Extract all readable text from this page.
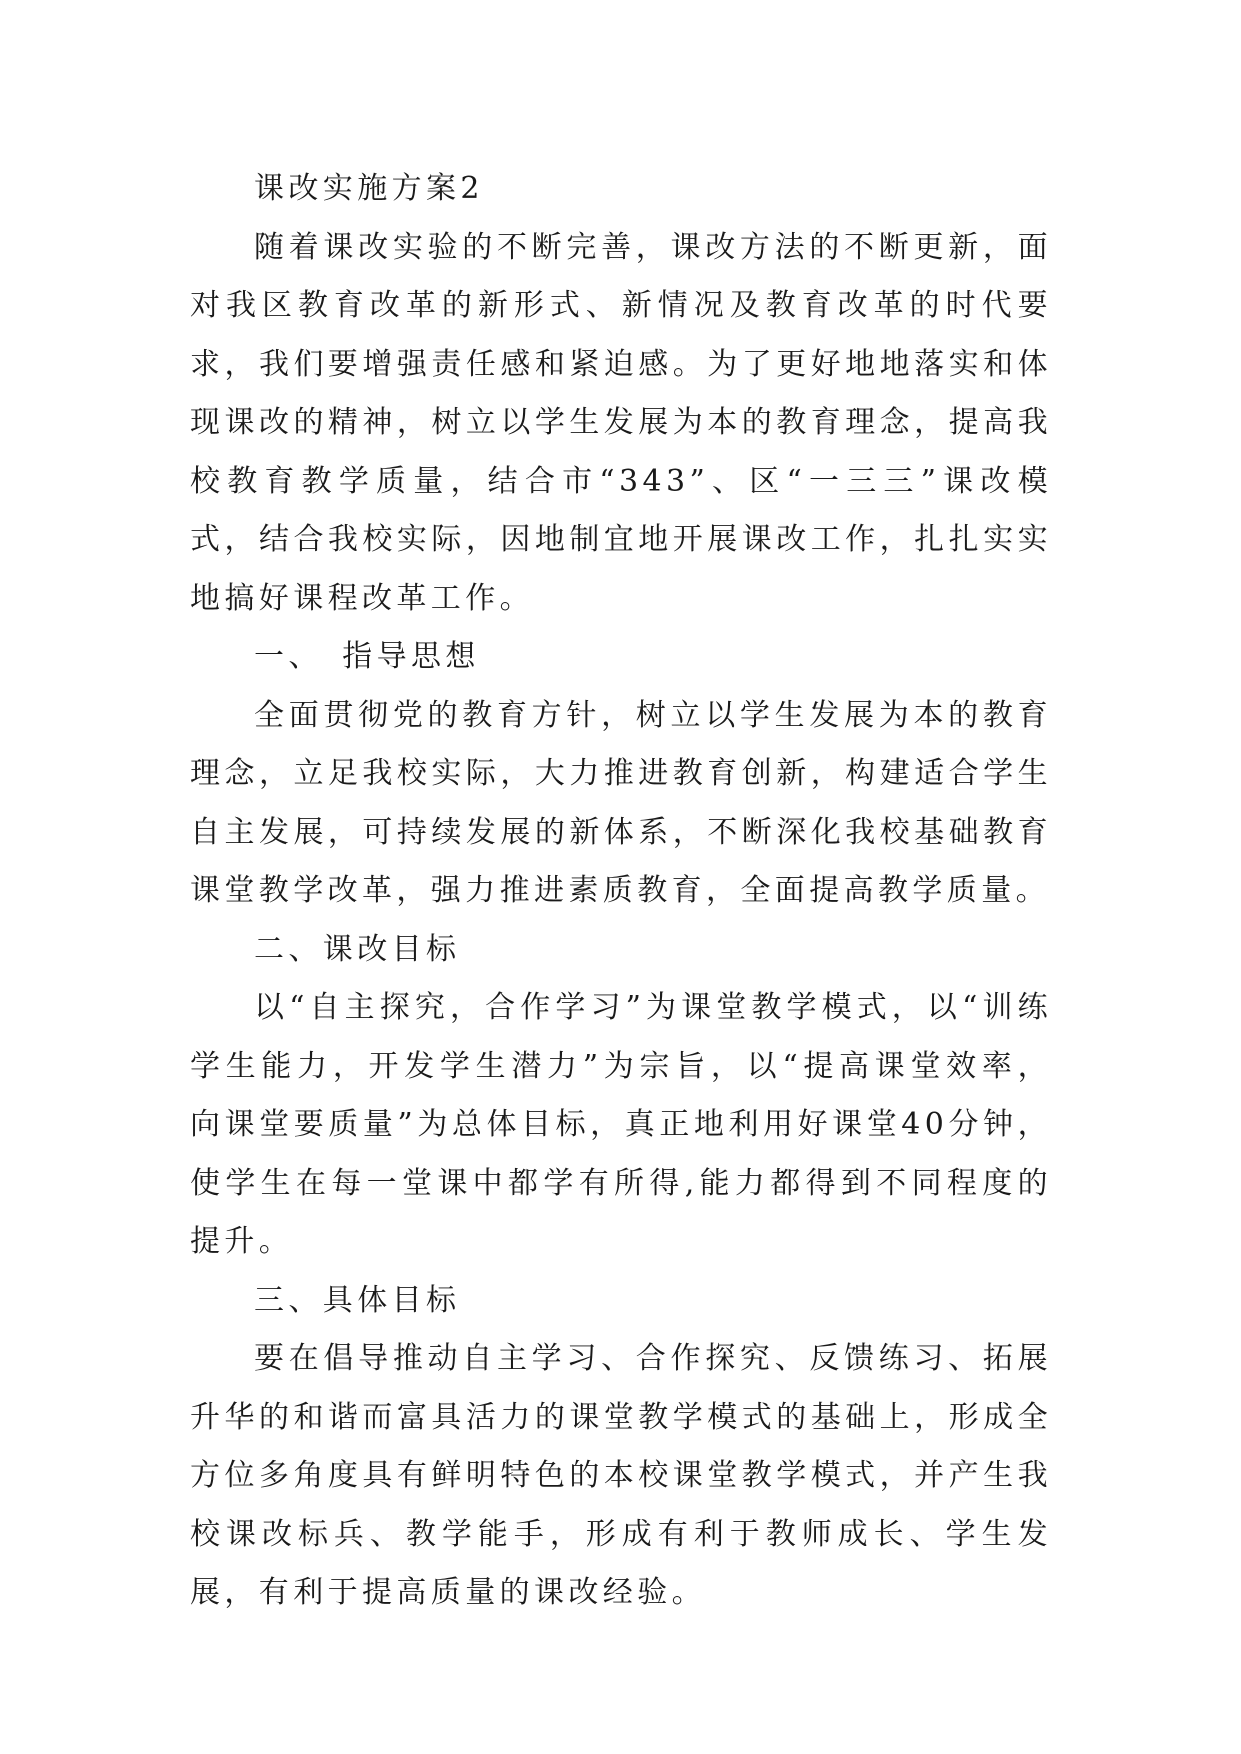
课改实施方案2

随着课改实验的不断完善，课改方法的不断更新，面对我区教育改革的新形式、新情况及教育改革的时代要求，我们要增强责任感和紧迫感。为了更好地地落实和体现课改的精神，树立以学生发展为本的教育理念，提高我校教育教学质量，结合市“343”、区“一三三”课改模式，结合我校实际，因地制宜地开展课改工作，扎扎实实地搞好课程改革工作。

一、　指导思想

全面贯彻党的教育方针，树立以学生发展为本的教育理念，立足我校实际，大力推进教育创新，构建适合学生自主发展，可持续发展的新体系，不断深化我校基础教育课堂教学改革，强力推进素质教育，全面提高教学质量。

二、课改目标

以“自主探究，合作学习”为课堂教学模式，以“训练学生能力，开发学生潜力”为宗旨，以“提高课堂效率，向课堂要质量”为总体目标，真正地利用好课堂40分钟，使学生在每一堂课中都学有所得,能力都得到不同程度的提升。

三、具体目标

要在倡导推动自主学习、合作探究、反馈练习、拓展升华的和谐而富具活力的课堂教学模式的基础上，形成全方位多角度具有鲜明特色的本校课堂教学模式，并产生我校课改标兵、教学能手，形成有利于教师成长、学生发展，有利于提高质量的课改经验。
